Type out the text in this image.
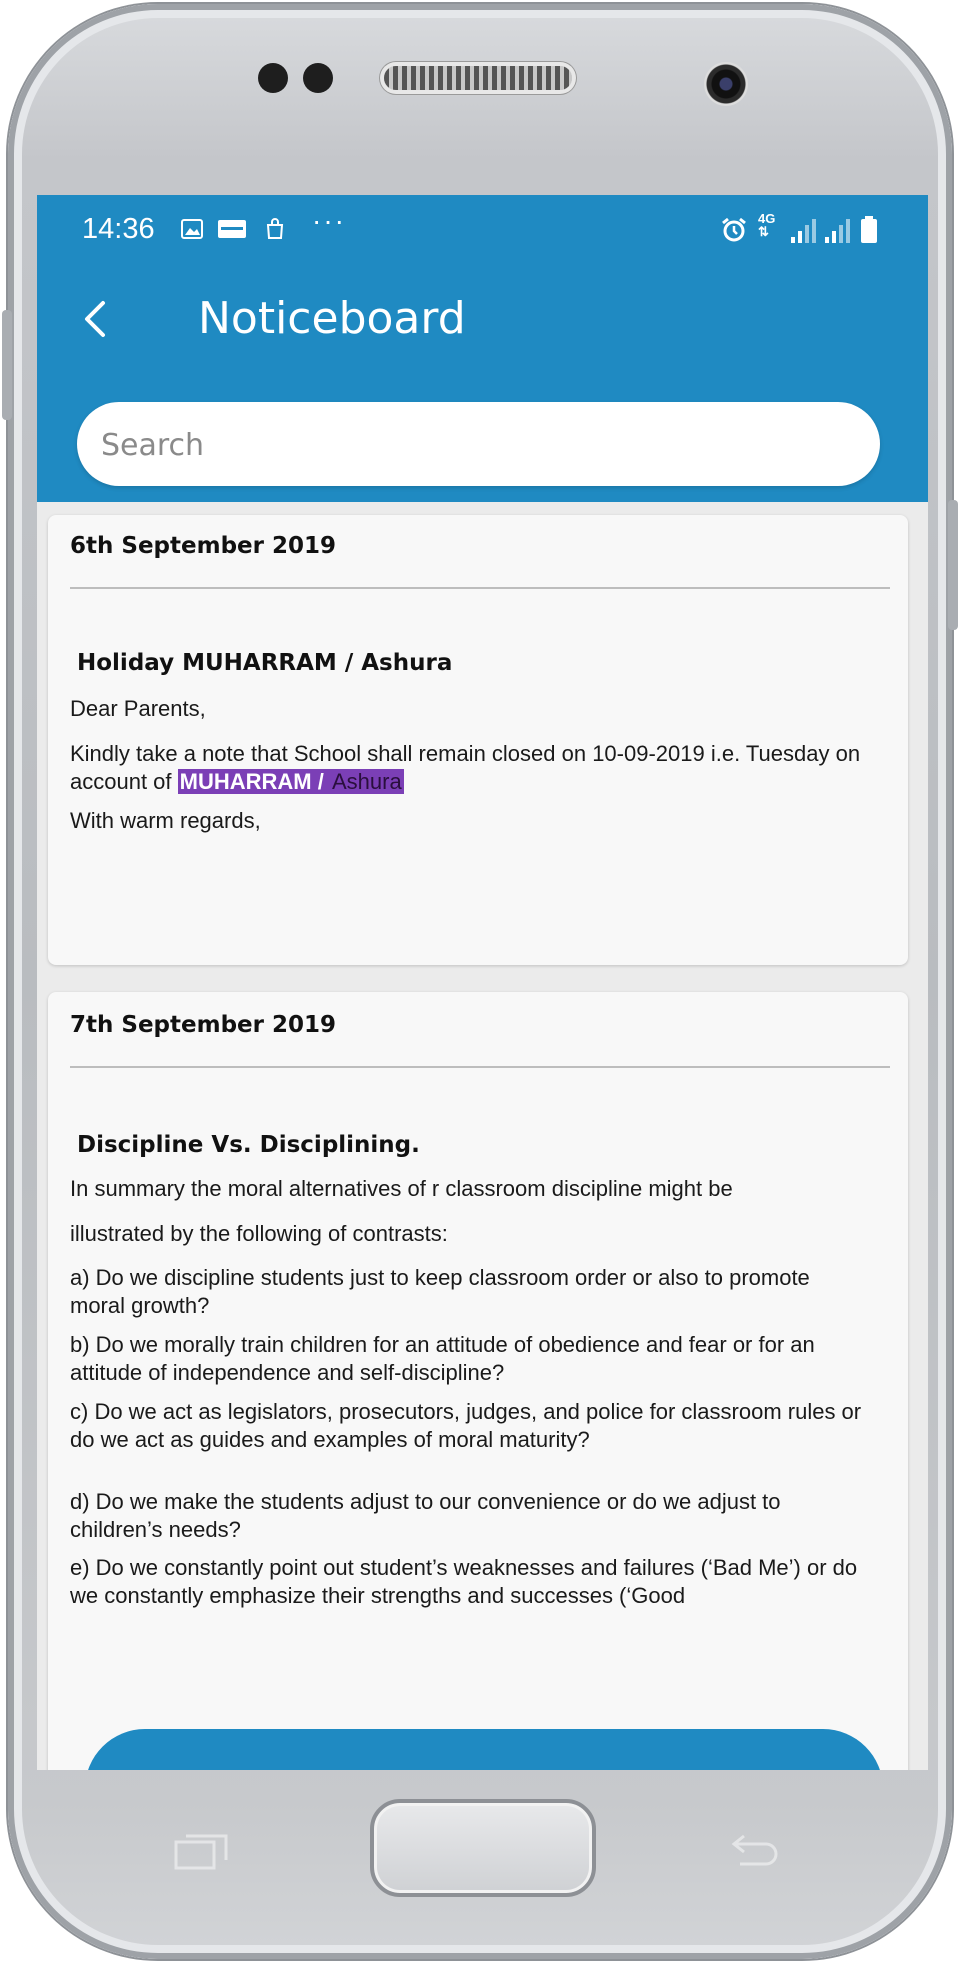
14:36	···	4G
⇅
Noticeboard
Search
6th September 2019
Holiday MUHARRAM / Ashura
Dear Parents,
Kindly take a note that School shall remain closed on 10-09-2019 i.e. Tuesday on account of MUHARRAM / Ashura
With warm regards,
7th September 2019
Discipline Vs. Disciplining.
In summary the moral alternatives of r classroom discipline might be
illustrated by the following of contrasts:
a) Do we discipline students just to keep classroom order or also to promote moral growth?
b) Do we morally train children for an attitude of obedience and fear or for an attitude of independence and self-discipline?
c) Do we act as legislators, prosecutors, judges, and police for classroom rules or do we act as guides and examples of moral maturity?
d) Do we make the students adjust to our convenience or do we adjust to children’s needs?
e) Do we constantly point out student’s weaknesses and failures (‘Bad Me’) or do we constantly emphasize their strengths and successes (‘Good
